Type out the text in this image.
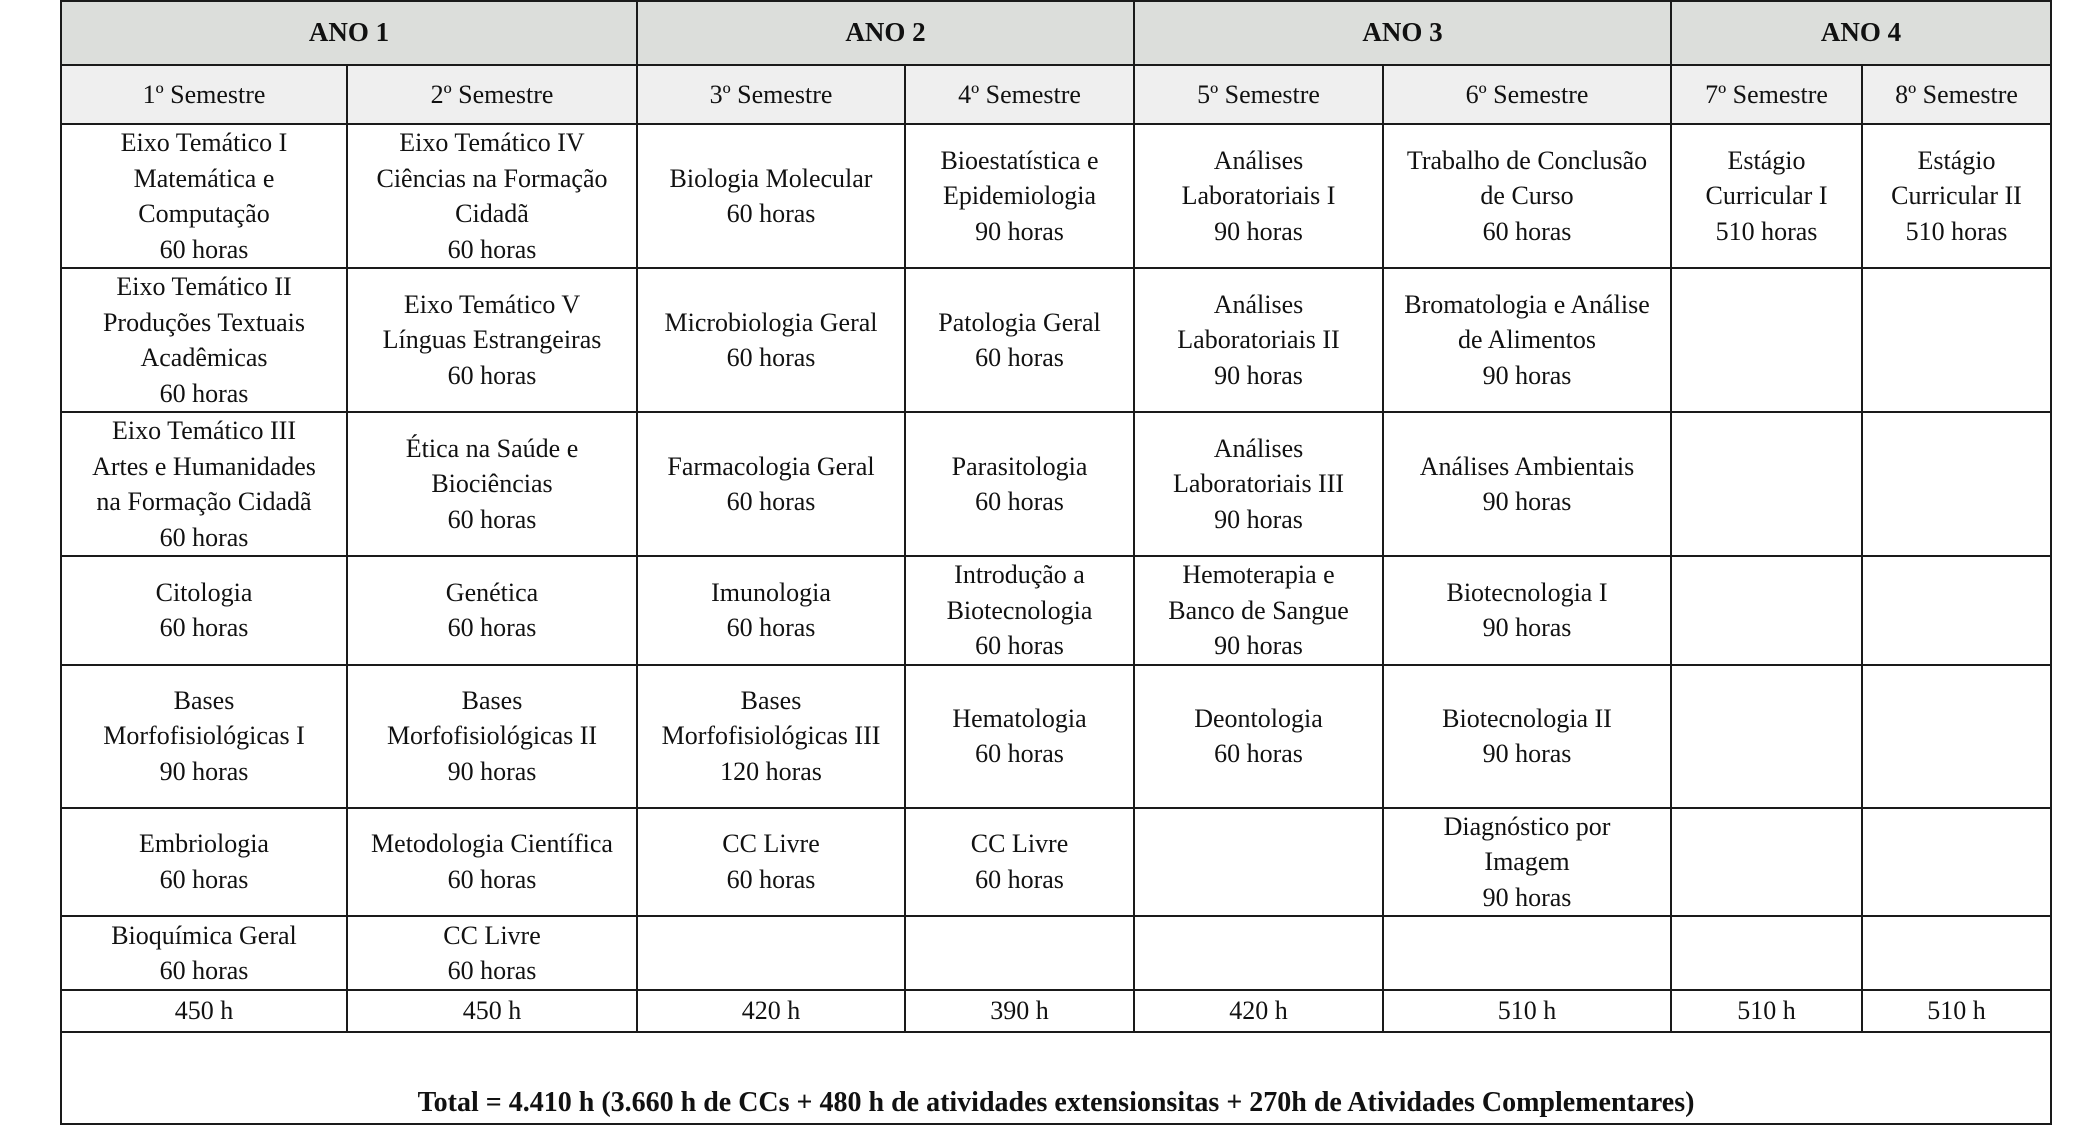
ANO 1		ANO 2		ANO 3		ANO 4	
1º Semestre	2º Semestre	3º Semestre	4º Semestre	5º Semestre	6º Semestre	7º Semestre	8º Semestre

Eixo Temático I
Matemática e
Computação
60 horas	Eixo Temático IV
Ciências na Formação
Cidadã
60 horas	Biologia Molecular
60 horas	Bioestatística e
Epidemiologia
90 horas	Análises
Laboratoriais I
90 horas	Trabalho de Conclusão
de Curso
60 horas	Estágio
Curricular I
510 horas	Estágio
Curricular II
510 horas

Eixo Temático II
Produções Textuais
Acadêmicas
60 horas	Eixo Temático V
Línguas Estrangeiras
60 horas	Microbiologia Geral
60 horas	Patologia Geral
60 horas	Análises
Laboratoriais II
90 horas	Bromatologia e Análise
de Alimentos
90 horas		

Eixo Temático III
Artes e Humanidades
na Formação Cidadã
60 horas	Ética na Saúde e
Biociências
60 horas	Farmacologia Geral
60 horas	Parasitologia
60 horas	Análises
Laboratoriais III
90 horas	Análises Ambientais
90 horas		

Citologia
60 horas	Genética
60 horas	Imunologia
60 horas	Introdução a
Biotecnologia
60 horas	Hemoterapia e
Banco de Sangue
90 horas	Biotecnologia I
90 horas		

Bases
Morfofisiológicas I
90 horas	Bases
Morfofisiológicas II
90 horas	Bases
Morfofisiológicas III
120 horas	Hematologia
60 horas	Deontologia
60 horas	Biotecnologia II
90 horas		

Embriologia
60 horas	Metodologia Científica
60 horas	CC Livre
60 horas	CC Livre
60 horas		Diagnóstico por
Imagem
90 horas		

Bioquímica Geral
60 horas	CC Livre
60 horas						

450 h	450 h	420 h	390 h	420 h	510 h	510 h	510 h
Total = 4.410 h (3.660 h de CCs + 480 h de atividades extensionsitas + 270h de Atividades Complementares)							
